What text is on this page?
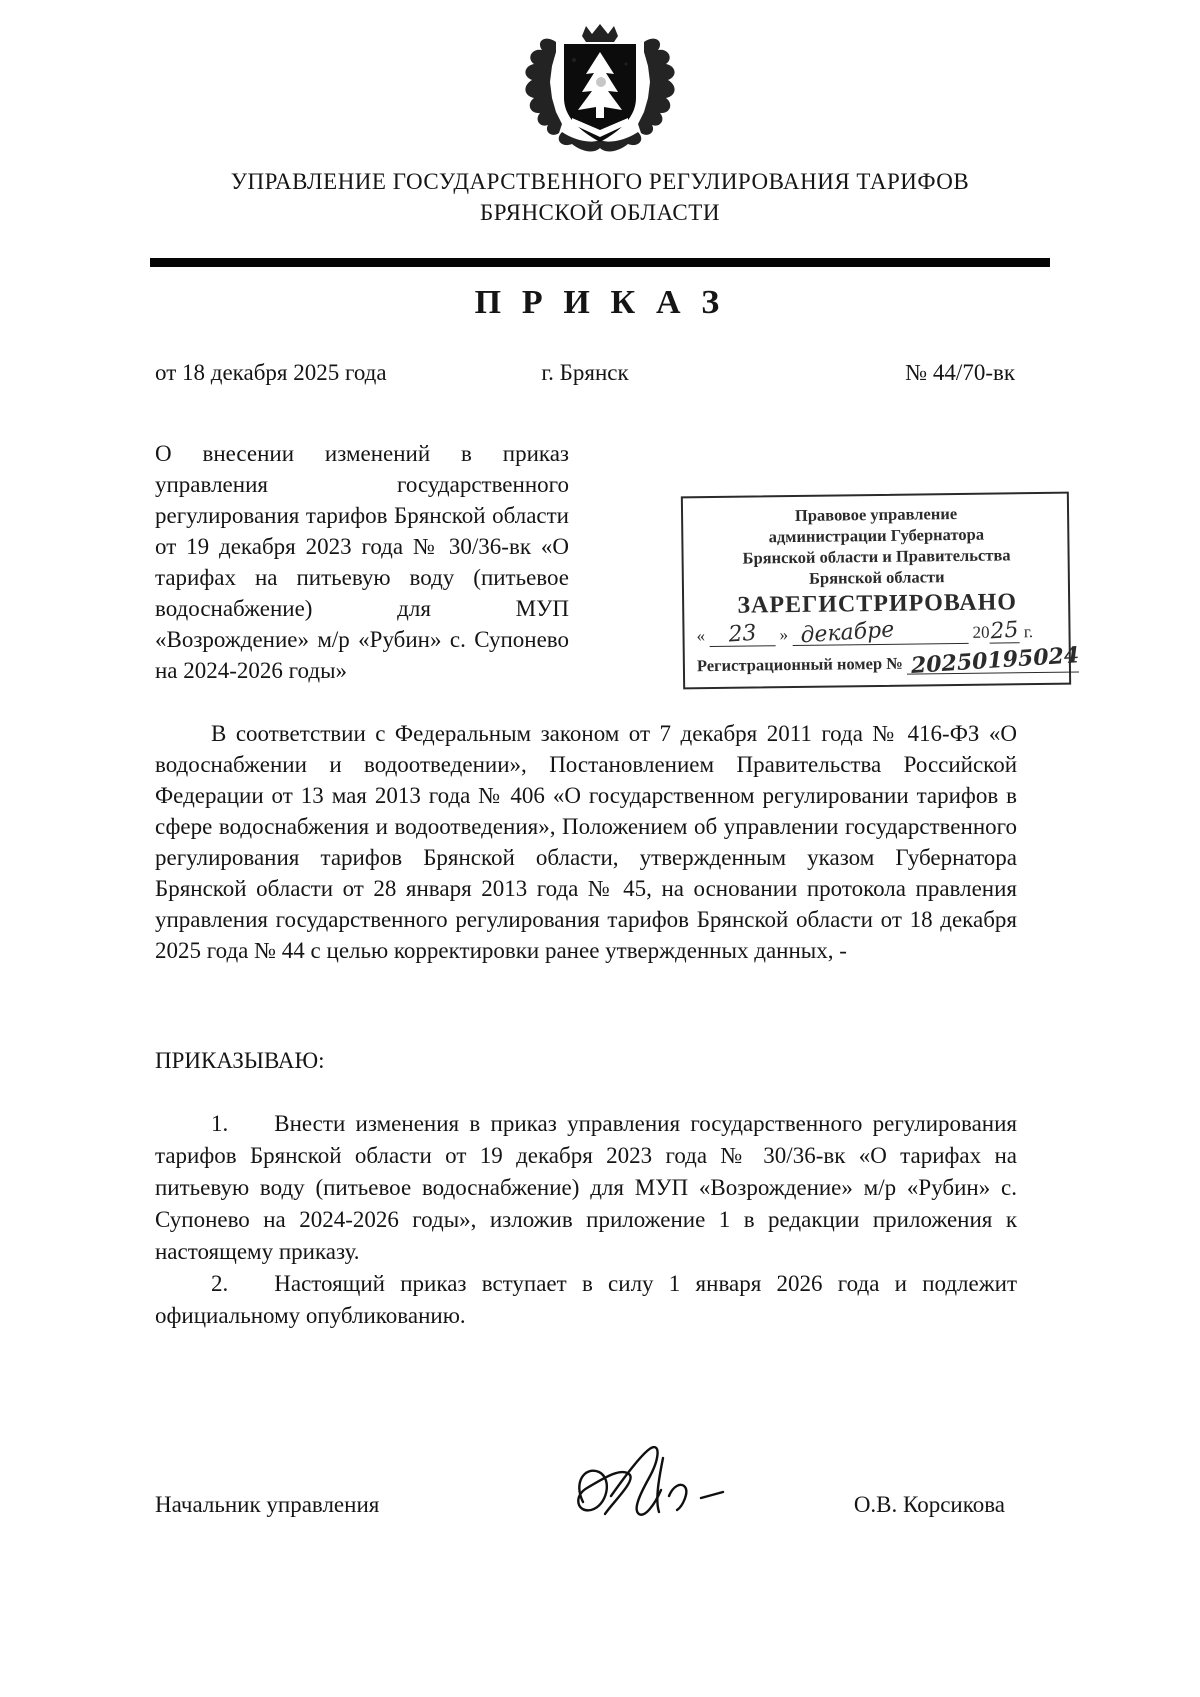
УПРАВЛЕНИЕ ГОСУДАРСТВЕННОГО РЕГУЛИРОВАНИЯ ТАРИФОВ
БРЯНСКОЙ ОБЛАСТИ
П Р И К А З
от 18 декабря 2025 года	г. Брянск	№ 44/70-вк
О внесении изменений в приказ управления государственного регулирования тарифов Брянской области от 19 декабря 2023 года № 30/36-вк «О тарифах на питьевую воду (питьевое водоснабжение) для МУП «Возрождение» м/р «Рубин» с. Супонево на 2024-2026 годы»
Правовое управление
администрации Губернатора
Брянской области и Правительства
Брянской области
ЗАРЕГИСТРИРОВАНО
« 23 » декабре	2025 г.
Регистрационный номер № 20250195024
В соответствии с Федеральным законом от 7 декабря 2011 года № 416-ФЗ «О водоснабжении и водоотведении», Постановлением Правительства Российской Федерации от 13 мая 2013 года № 406 «О государственном регулировании тарифов в сфере водоснабжения и водоотведения», Положением об управлении государственного регулирования тарифов Брянской области, утвержденным указом Губернатора Брянской области от 28 января 2013 года № 45, на основании протокола правления управления государственного регулирования тарифов Брянской области от 18 декабря 2025 года № 44 с целью корректировки ранее утвержденных данных, -
ПРИКАЗЫВАЮ:

1. Внести изменения в приказ управления государственного регулирования тарифов Брянской области от 19 декабря 2023 года № 30/36-вк «О тарифах на питьевую воду (питьевое водоснабжение) для МУП «Возрождение» м/р «Рубин» с. Супонево на 2024-2026 годы», изложив приложение 1 в редакции приложения к настоящему приказу.

2. Настоящий приказ вступает в силу 1 января 2026 года и подлежит официальному опубликованию.

Начальник управления	О.В. Корсикова
